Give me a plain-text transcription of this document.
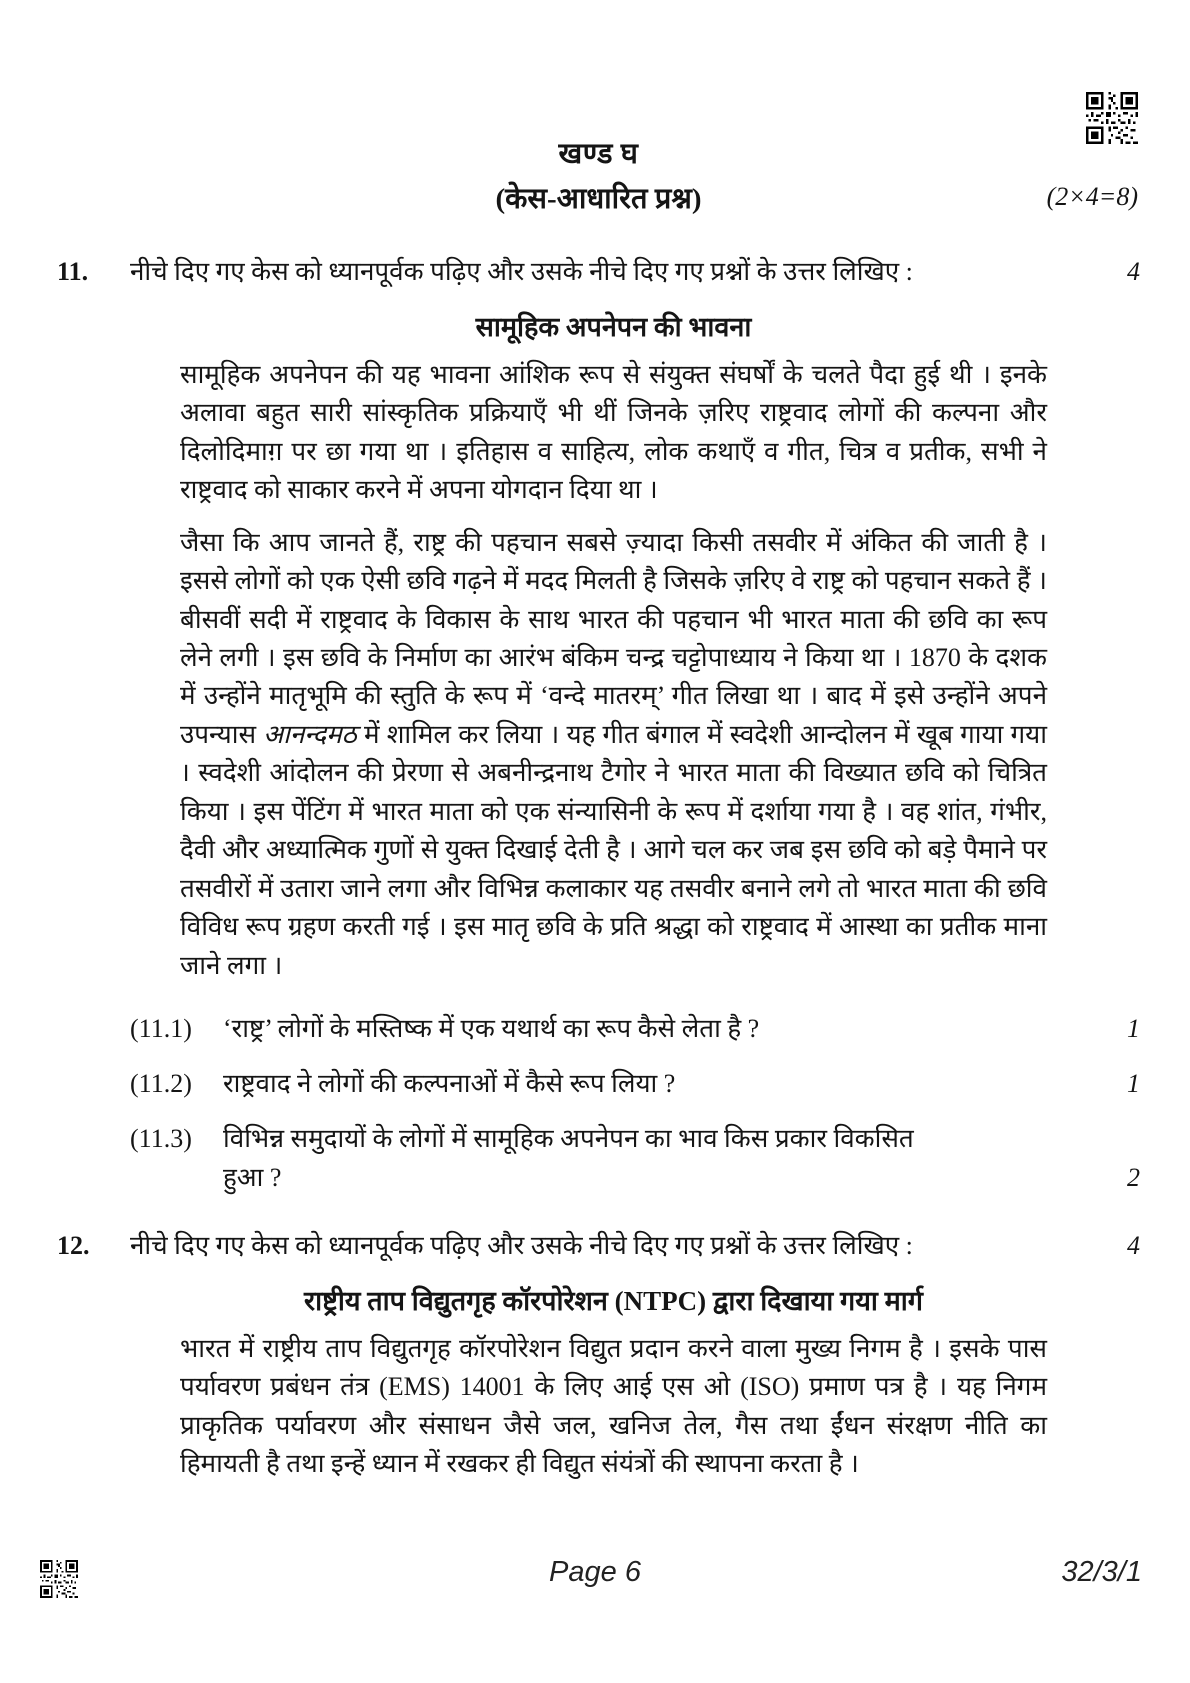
खण्ड घ
(केस-आधारित प्रश्न)	(2×4=8)
11.	नीचे दिए गए केस को ध्यानपूर्वक पढ़िए और उसके नीचे दिए गए प्रश्नों के उत्तर लिखिए :	4
सामूहिक अपनेपन की भावना
सामूहिक अपनेपन की यह भावना आंशिक रूप से संयुक्त संघर्षों के चलते पैदा हुई थी । इनके अलावा बहुत सारी सांस्कृतिक प्रक्रियाएँ भी थीं जिनके ज़रिए राष्ट्रवाद लोगों की कल्पना और दिलोदिमाग़ पर छा गया था । इतिहास व साहित्य, लोक कथाएँ व गीत, चित्र व प्रतीक, सभी ने राष्ट्रवाद को साकार करने में अपना योगदान दिया था ।
जैसा कि आप जानते हैं, राष्ट्र की पहचान सबसे ज़्यादा किसी तसवीर में अंकित की जाती है । इससे लोगों को एक ऐसी छवि गढ़ने में मदद मिलती है जिसके ज़रिए वे राष्ट्र को पहचान सकते हैं । बीसवीं सदी में राष्ट्रवाद के विकास के साथ भारत की पहचान भी भारत माता की छवि का रूप लेने लगी । इस छवि के निर्माण का आरंभ बंकिम चन्द्र चट्टोपाध्याय ने किया था । 1870 के दशक में उन्होंने मातृभूमि की स्तुति के रूप में ‘वन्दे मातरम्’ गीत लिखा था । बाद में इसे उन्होंने अपने उपन्यास आनन्दमठ में शामिल कर लिया । यह गीत बंगाल में स्वदेशी आन्दोलन में खूब गाया गया । स्वदेशी आंदोलन की प्रेरणा से अबनीन्द्रनाथ टैगोर ने भारत माता की विख्यात छवि को चित्रित किया । इस पेंटिंग में भारत माता को एक संन्यासिनी के रूप में दर्शाया गया है । वह शांत, गंभीर, दैवी और अध्यात्मिक गुणों से युक्त दिखाई देती है । आगे चल कर जब इस छवि को बड़े पैमाने पर तसवीरों में उतारा जाने लगा और विभिन्न कलाकार यह तसवीर बनाने लगे तो भारत माता की छवि विविध रूप ग्रहण करती गई । इस मातृ छवि के प्रति श्रद्धा को राष्ट्रवाद में आस्था का प्रतीक माना जाने लगा ।
(11.1)	‘राष्ट्र’ लोगों के मस्तिष्क में एक यथार्थ का रूप कैसे लेता है ?	1
(11.2)	राष्ट्रवाद ने लोगों की कल्पनाओं में कैसे रूप लिया ?	1
(11.3)	विभिन्न समुदायों के लोगों में सामूहिक अपनेपन का भाव किस प्रकार विकसित हुआ ?	2
12.	नीचे दिए गए केस को ध्यानपूर्वक पढ़िए और उसके नीचे दिए गए प्रश्नों के उत्तर लिखिए :	4
राष्ट्रीय ताप विद्युतगृह कॉरपोरेशन (NTPC) द्वारा दिखाया गया मार्ग
भारत में राष्ट्रीय ताप विद्युतगृह कॉरपोरेशन विद्युत प्रदान करने वाला मुख्य निगम है । इसके पास पर्यावरण प्रबंधन तंत्र (EMS) 14001 के लिए आई एस ओ (ISO) प्रमाण पत्र है । यह निगम प्राकृतिक पर्यावरण और संसाधन जैसे जल, खनिज तेल, गैस तथा ईंधन संरक्षण नीति का हिमायती है तथा इन्हें ध्यान में रखकर ही विद्युत संयंत्रों की स्थापना करता है ।
Page 6	32/3/1
